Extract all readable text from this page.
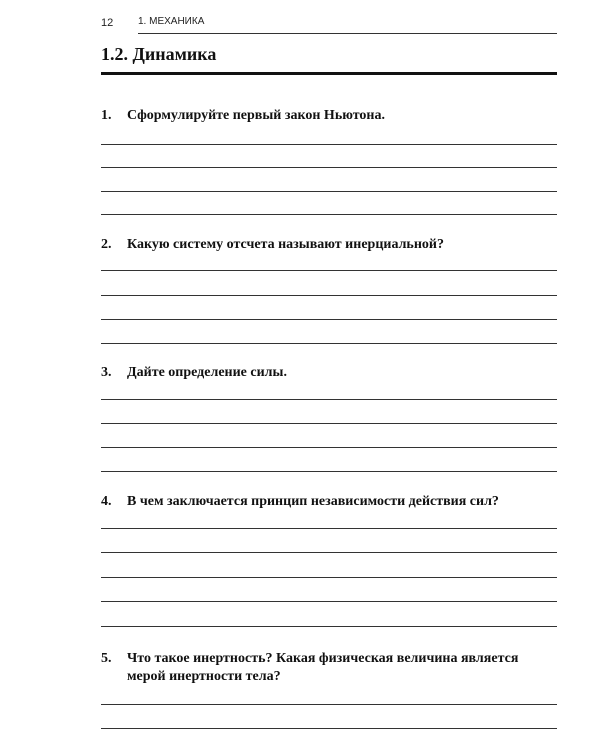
12 1. МЕХАНИКА
1.2. Динамика
1.	Сформулируйте первый закон Ньютона.
2.	Какую систему отсчета называют инерциальной?
3.	Дайте определение силы.
4.	В чем заключается принцип независимости действия сил?
5.	Что такое инертность? Какая физическая величина является мерой инертности тела?
